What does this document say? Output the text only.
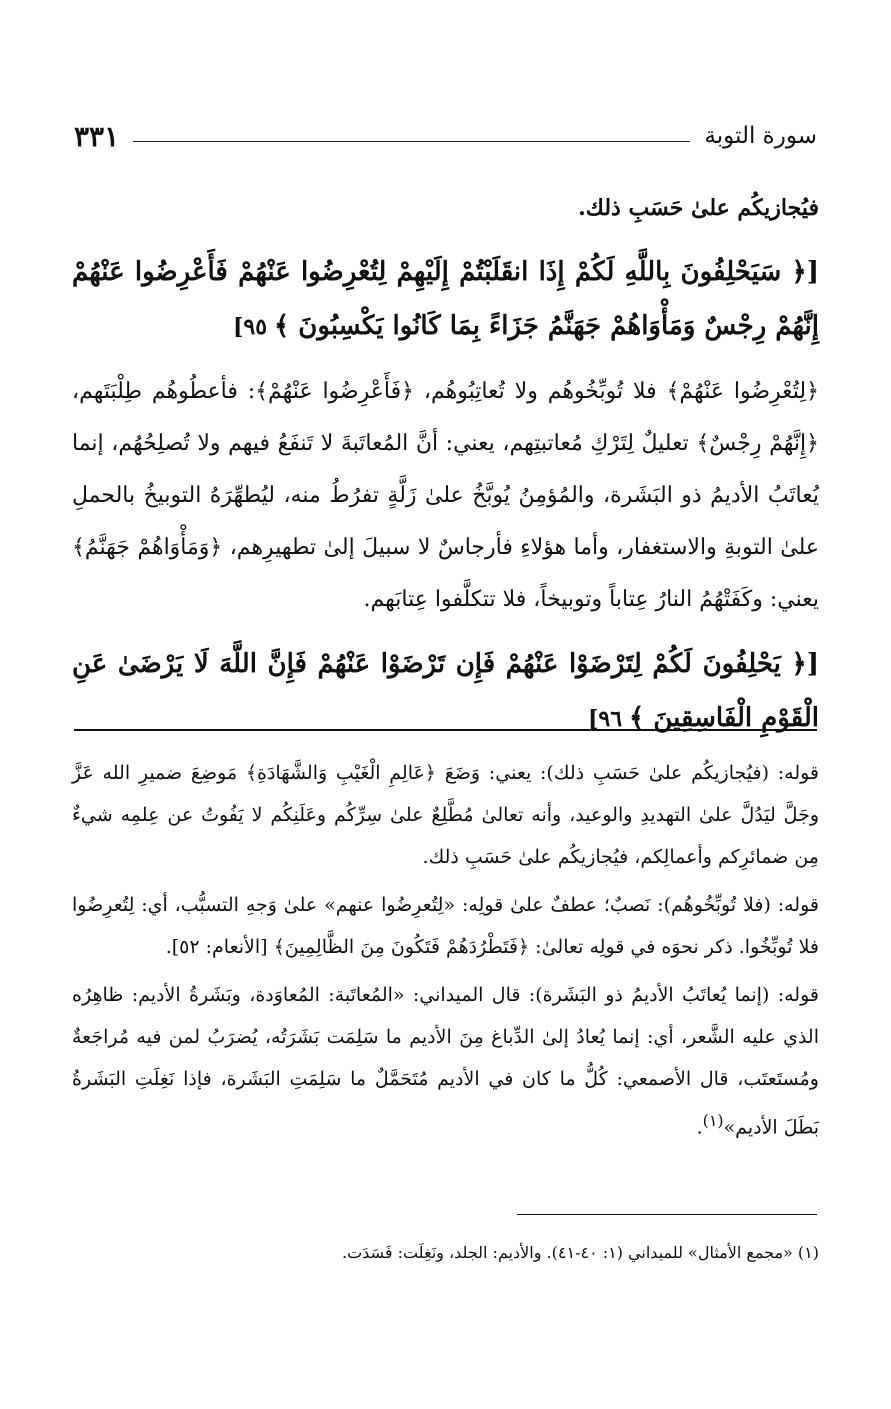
سورة التوبة
٣٣١

فيُجازيكُم علىٰ حَسَبِ ذلك.

[﴿ سَيَحْلِفُونَ بِاللَّهِ لَكُمْ إِذَا انقَلَبْتُمْ إِلَيْهِمْ لِتُعْرِضُوا عَنْهُمْ فَأَعْرِضُوا عَنْهُمْ إِنَّهُمْ رِجْسٌ وَمَأْوَاهُمْ جَهَنَّمُ جَزَاءً بِمَا كَانُوا يَكْسِبُونَ ﴾ ٩٥]

﴿لِتُعْرِضُوا عَنْهُمْ﴾ فلا تُوبِّخُوهُم ولا تُعاتِبُوهُم، ﴿فَأَعْرِضُوا عَنْهُمْ﴾: فأعطُوهُم طِلْبَتَهم، ﴿إِنَّهُمْ رِجْسٌ﴾ تعليلٌ لِتَرْكِ مُعاتبتِهم، يعني: أنَّ المُعاتَبةَ لا تَنفَعُ فيهم ولا تُصلِحُهُم، إنما يُعاتَبُ الأديمُ ذو البَشَرة، والمُؤمِنُ يُوبَّخُ علىٰ زَلَّةٍ تفرُطُ منه، ليُطهِّرَهُ التوبيخُ بالحملِ علىٰ التوبةِ والاستغفار، وأما هؤلاءِ فأرجاسٌ لا سبيلَ إلىٰ تطهيرِهم، ﴿وَمَأْوَاهُمْ جَهَنَّمُ﴾ يعني: وكَفَتْهُمُ النارُ عِتاباً وتوبيخاً، فلا تتكلَّفوا عِتابَهم.

[﴿ يَحْلِفُونَ لَكُمْ لِتَرْضَوْا عَنْهُمْ فَإِن تَرْضَوْا عَنْهُمْ فَإِنَّ اللَّهَ لَا يَرْضَىٰ عَنِ الْقَوْمِ الْفَاسِقِينَ ﴾ ٩٦]

قوله: (فيُجازيكُم علىٰ حَسَبِ ذلك): يعني: وَضَعَ ﴿عَالِمِ الْغَيْبِ وَالشَّهَادَةِ﴾ مَوضِعَ ضميرِ الله عَزَّ وجَلَّ ليَدُلَّ علىٰ التهديدِ والوعيد، وأنه تعالىٰ مُطَّلِعٌ علىٰ سِرِّكُم وعَلَنِكُم لا يَفُوتُ عن عِلمِه شيءٌ مِن ضمائرِكم وأعمالِكم، فيُجازيكُم علىٰ حَسَبِ ذلك.

قوله: (فلا تُوبِّخُوهُم): نَصبٌ؛ عطفٌ علىٰ قولِه: «لِتُعرِضُوا عنهم» علىٰ وَجهِ التسبُّب، أي: لِتُعرِضُوا فلا تُوبِّخُوا. ذكر نحوَه في قولِه تعالىٰ: ﴿فَتَطْرُدَهُمْ فَتَكُونَ مِنَ الظَّالِمِينَ﴾ [الأنعام: ٥٢].

قوله: (إنما يُعاتَبُ الأديمُ ذو البَشَرة): قال الميداني: «المُعاتَبة: المُعاوَدة، وبَشَرةُ الأديم: ظاهِرُه الذي عليه الشَّعر، أي: إنما يُعادُ إلىٰ الدِّباغ مِنَ الأديم ما سَلِمَت بَشَرَتُه، يُضرَبُ لمن فيه مُراجَعةٌ ومُستَعتَب، قال الأصمعي: كُلُّ ما كان في الأديم مُتَحَمَّلٌ ما سَلِمَتِ البَشَرة، فإذا نَغِلَتِ البَشَرةُ بَطَلَ الأديم»$^{(١)}$.

(١) «مجمع الأمثال» للميداني (١: ٤٠-٤١). والأديم: الجلد، ونَغِلَت: فَسَدَت.
